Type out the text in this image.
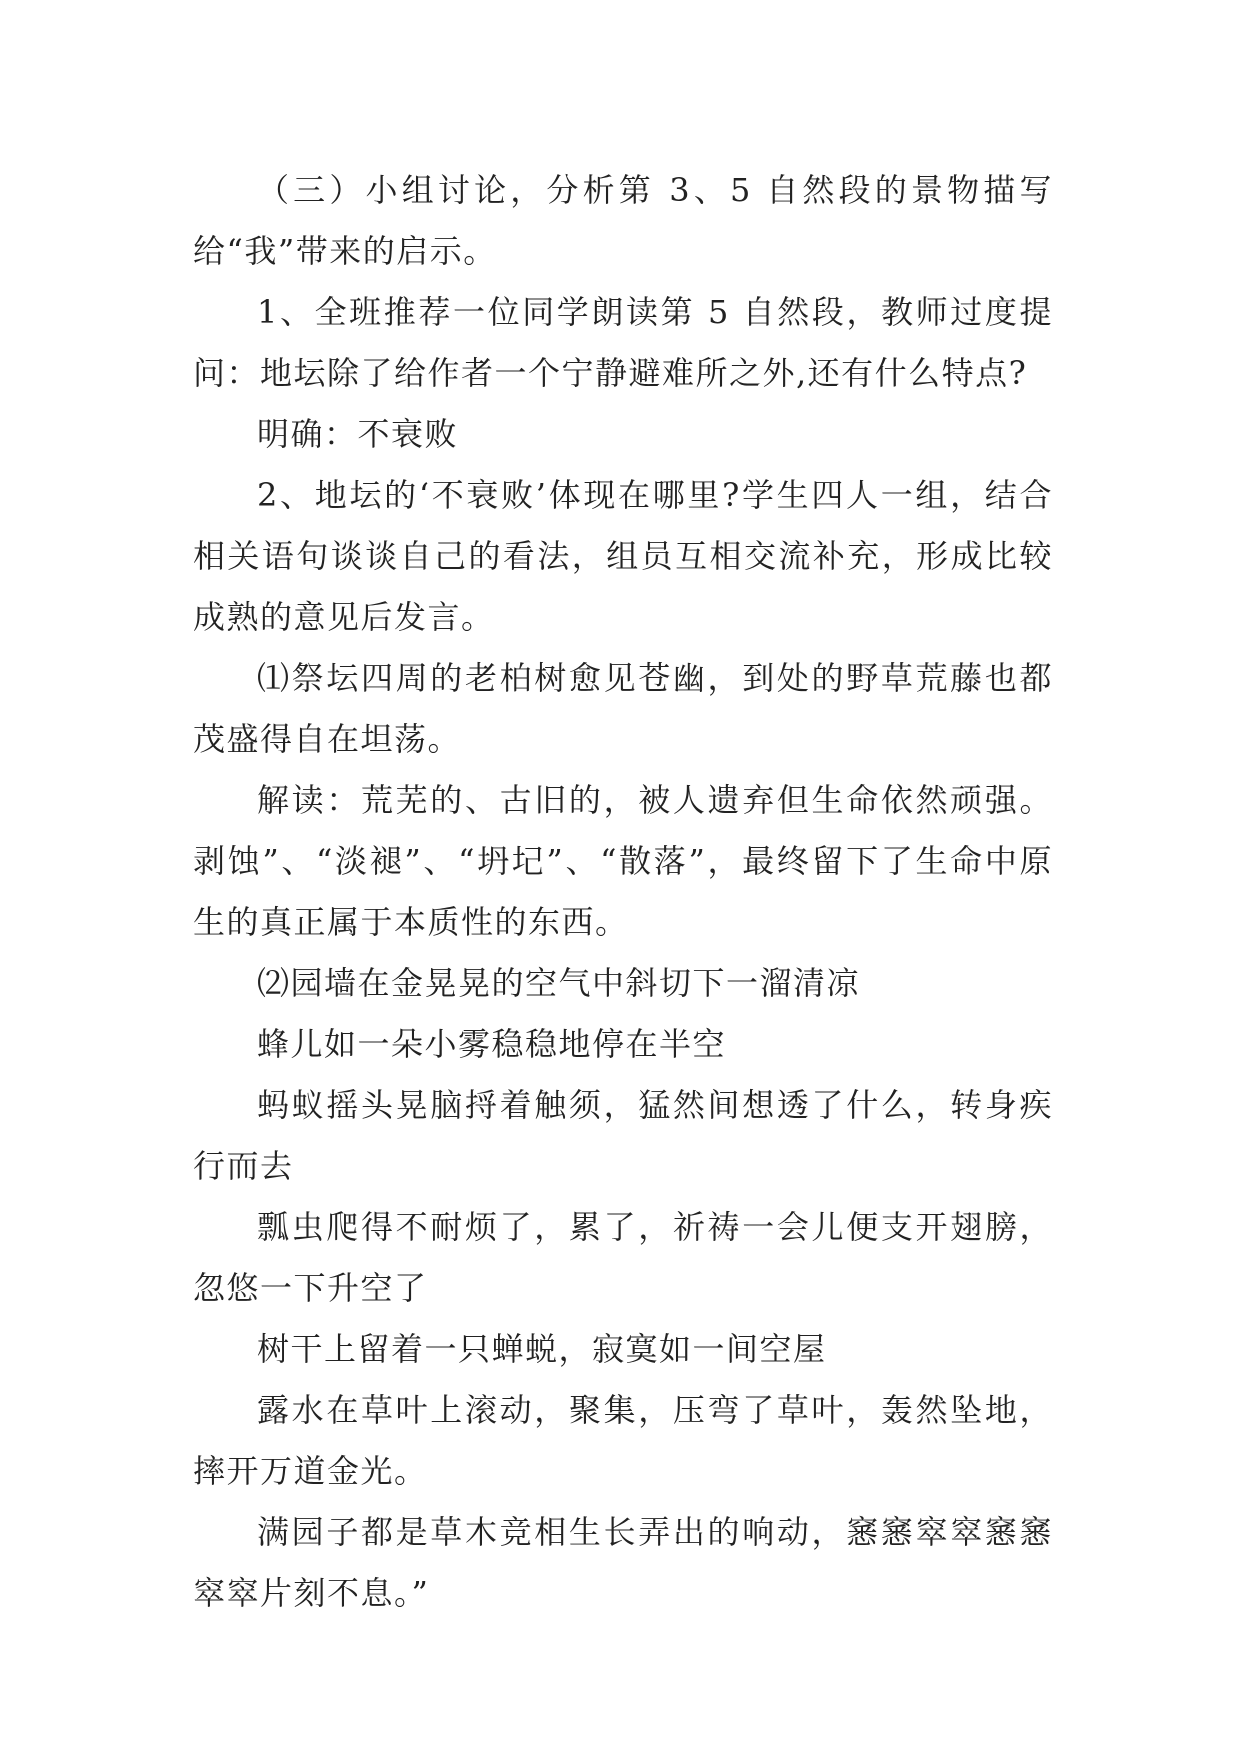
（三）小组讨论，分析第 3、5 自然段的景物描写给“我”带来的启示。

1、全班推荐一位同学朗读第 5 自然段，教师过度提问：地坛除了给作者一个宁静避难所之外,还有什么特点?

明确：不衰败

2、地坛的‘不衰败’体现在哪里?学生四人一组，结合相关语句谈谈自己的看法，组员互相交流补充，形成比较成熟的意见后发言。

⑴祭坛四周的老柏树愈见苍幽，到处的野草荒藤也都茂盛得自在坦荡。

解读：荒芜的、古旧的，被人遗弃但生命依然顽强。剥蚀”、“淡褪”、“坍圮”、“散落”，最终留下了生命中原生的真正属于本质性的东西。

⑵园墙在金晃晃的空气中斜切下一溜清凉

蜂儿如一朵小雾稳稳地停在半空

蚂蚁摇头晃脑捋着触须，猛然间想透了什么，转身疾行而去

瓢虫爬得不耐烦了，累了，祈祷一会儿便支开翅膀，忽悠一下升空了

树干上留着一只蝉蜕，寂寞如一间空屋

露水在草叶上滚动，聚集，压弯了草叶，轰然坠地，摔开万道金光。

满园子都是草木竞相生长弄出的响动，窸窸窣窣窸窸窣窣片刻不息。”
